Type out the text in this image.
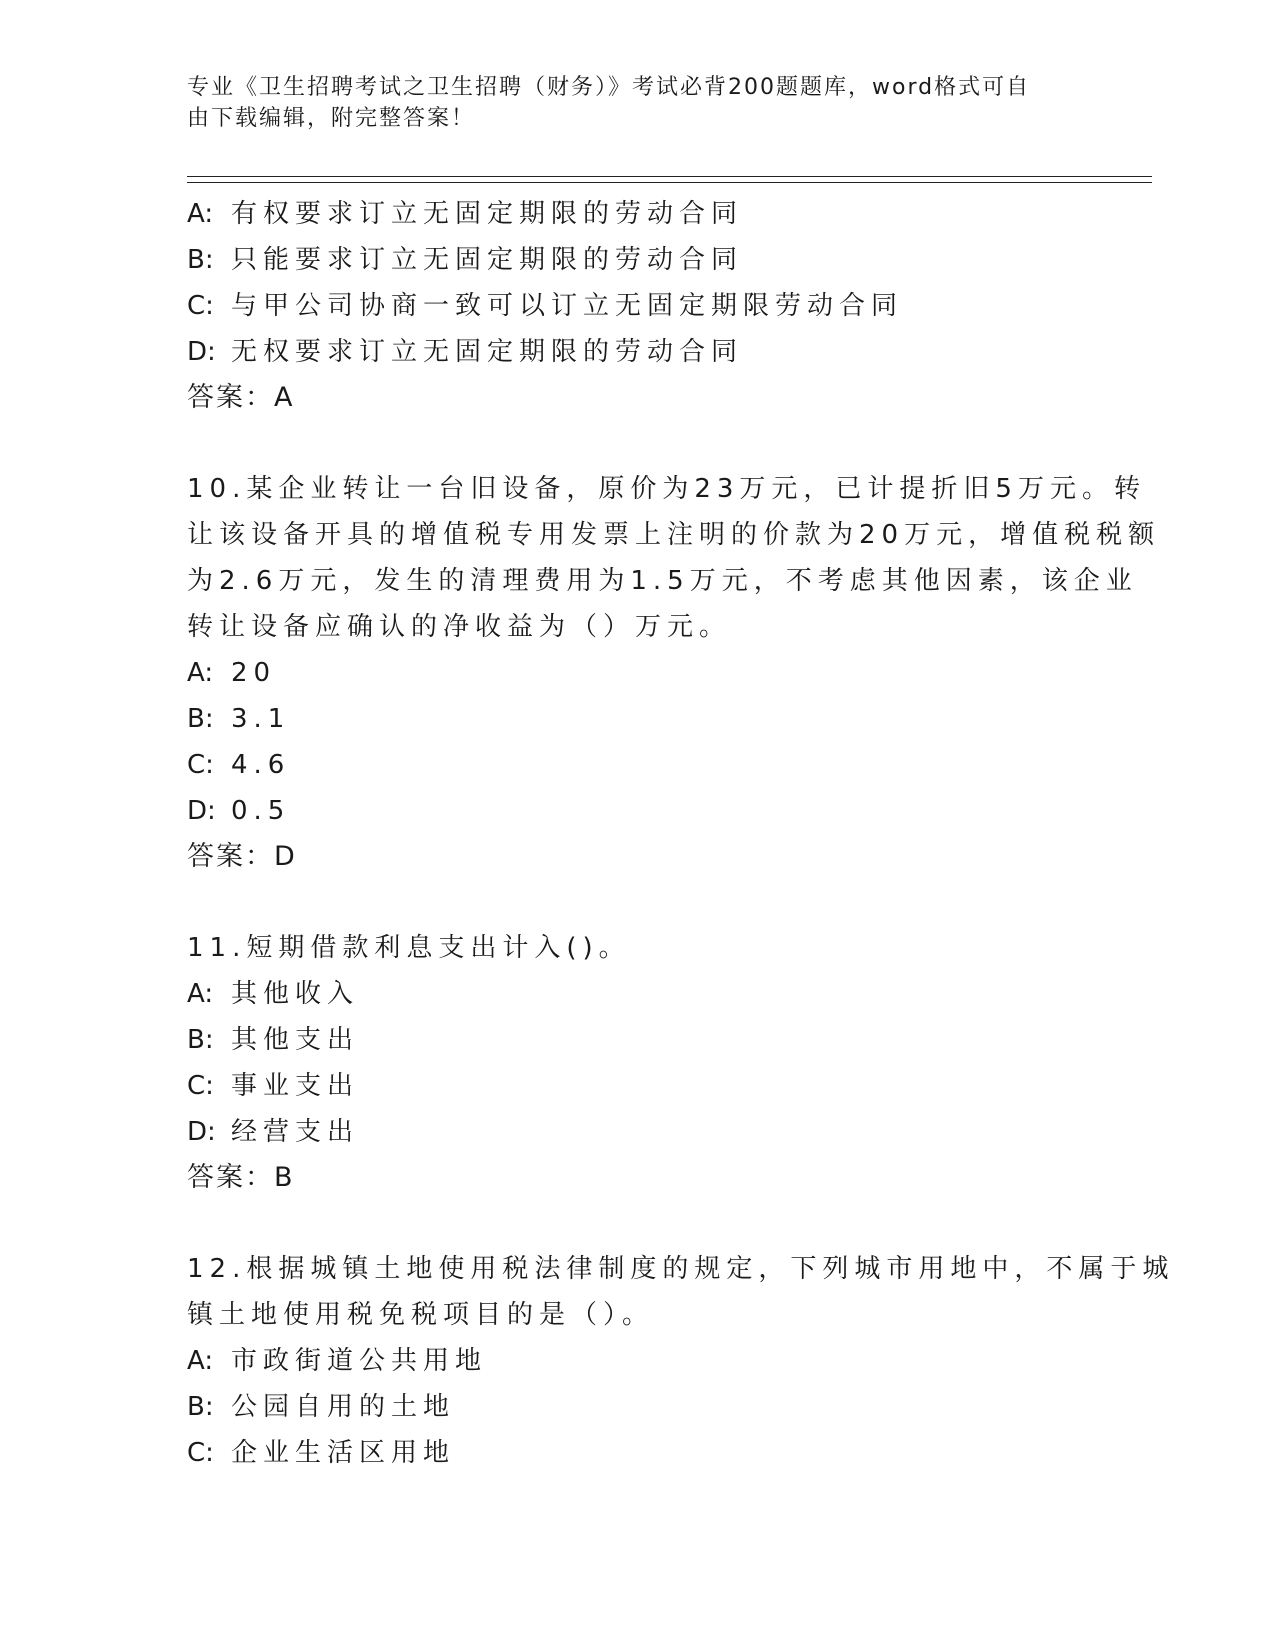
专业《卫生招聘考试之卫生招聘（财务）》考试必背200题题库，word格式可自
由下载编辑，附完整答案！
A: 有权要求订立无固定期限的劳动合同
B: 只能要求订立无固定期限的劳动合同
C: 与甲公司协商一致可以订立无固定期限劳动合同
D: 无权要求订立无固定期限的劳动合同
答案：A
10.某企业转让一台旧设备，原价为23万元，已计提折旧5万元。转
让该设备开具的增值税专用发票上注明的价款为20万元，增值税税额
为2.6万元，发生的清理费用为1.5万元，不考虑其他因素，该企业
转让设备应确认的净收益为（）万元。
A: 20
B: 3.1
C: 4.6
D: 0.5
答案：D
11.短期借款利息支出计入()。
A: 其他收入
B: 其他支出
C: 事业支出
D: 经营支出
答案：B
12.根据城镇土地使用税法律制度的规定，下列城市用地中，不属于城
镇土地使用税免税项目的是（）。
A: 市政街道公共用地
B: 公园自用的土地
C: 企业生活区用地
